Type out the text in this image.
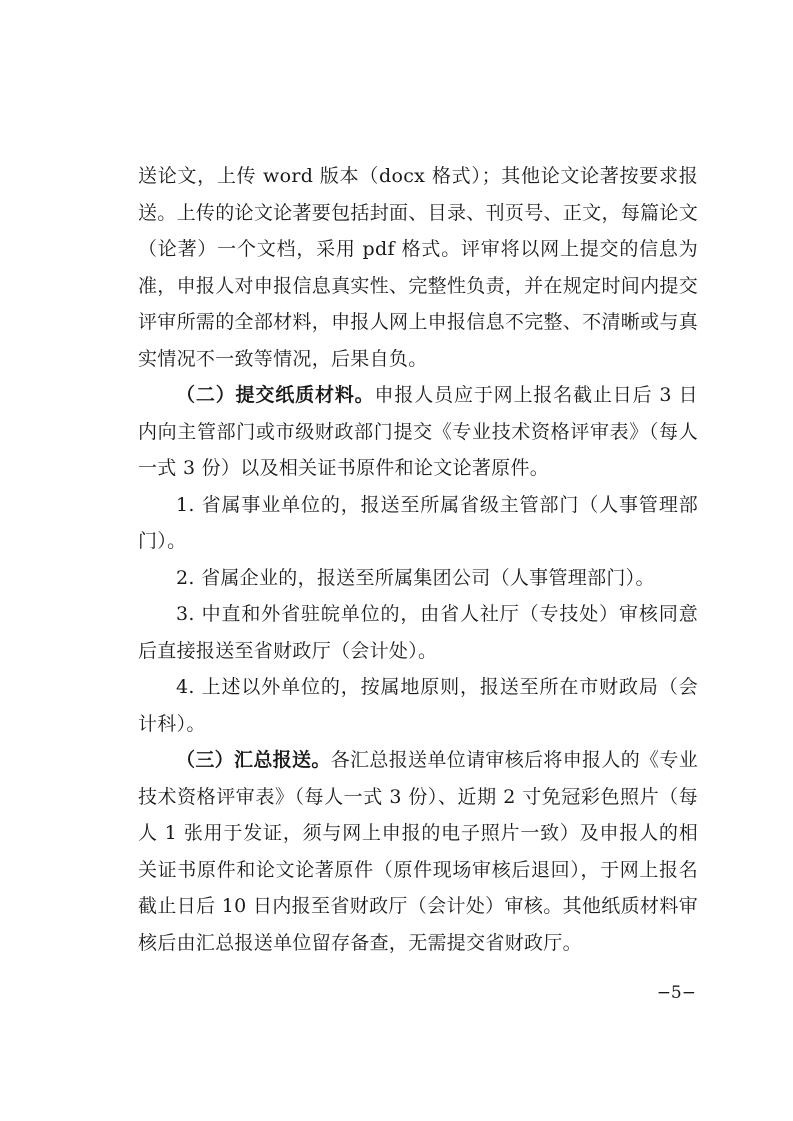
送论文，上传 word 版本（docx 格式）；其他论文论著按要求报送。上传的论文论著要包括封面、目录、刊页号、正文，每篇论文（论著）一个文档，采用 pdf 格式。评审将以网上提交的信息为准，申报人对申报信息真实性、完整性负责，并在规定时间内提交评审所需的全部材料，申报人网上申报信息不完整、不清晰或与真实情况不一致等情况，后果自负。

（二）提交纸质材料。申报人员应于网上报名截止日后 3 日内向主管部门或市级财政部门提交《专业技术资格评审表》（每人一式 3 份）以及相关证书原件和论文论著原件。

1. 省属事业单位的，报送至所属省级主管部门（人事管理部门）。

2. 省属企业的，报送至所属集团公司（人事管理部门）。

3. 中直和外省驻皖单位的，由省人社厅（专技处）审核同意后直接报送至省财政厅（会计处）。

4. 上述以外单位的，按属地原则，报送至所在市财政局（会计科）。

（三）汇总报送。各汇总报送单位请审核后将申报人的《专业技术资格评审表》（每人一式 3 份）、近期 2 寸免冠彩色照片（每人 1 张用于发证，须与网上申报的电子照片一致）及申报人的相关证书原件和论文论著原件（原件现场审核后退回），于网上报名截止日后 10 日内报至省财政厅（会计处）审核。其他纸质材料审核后由汇总报送单位留存备查，无需提交省财政厅。

−5−
